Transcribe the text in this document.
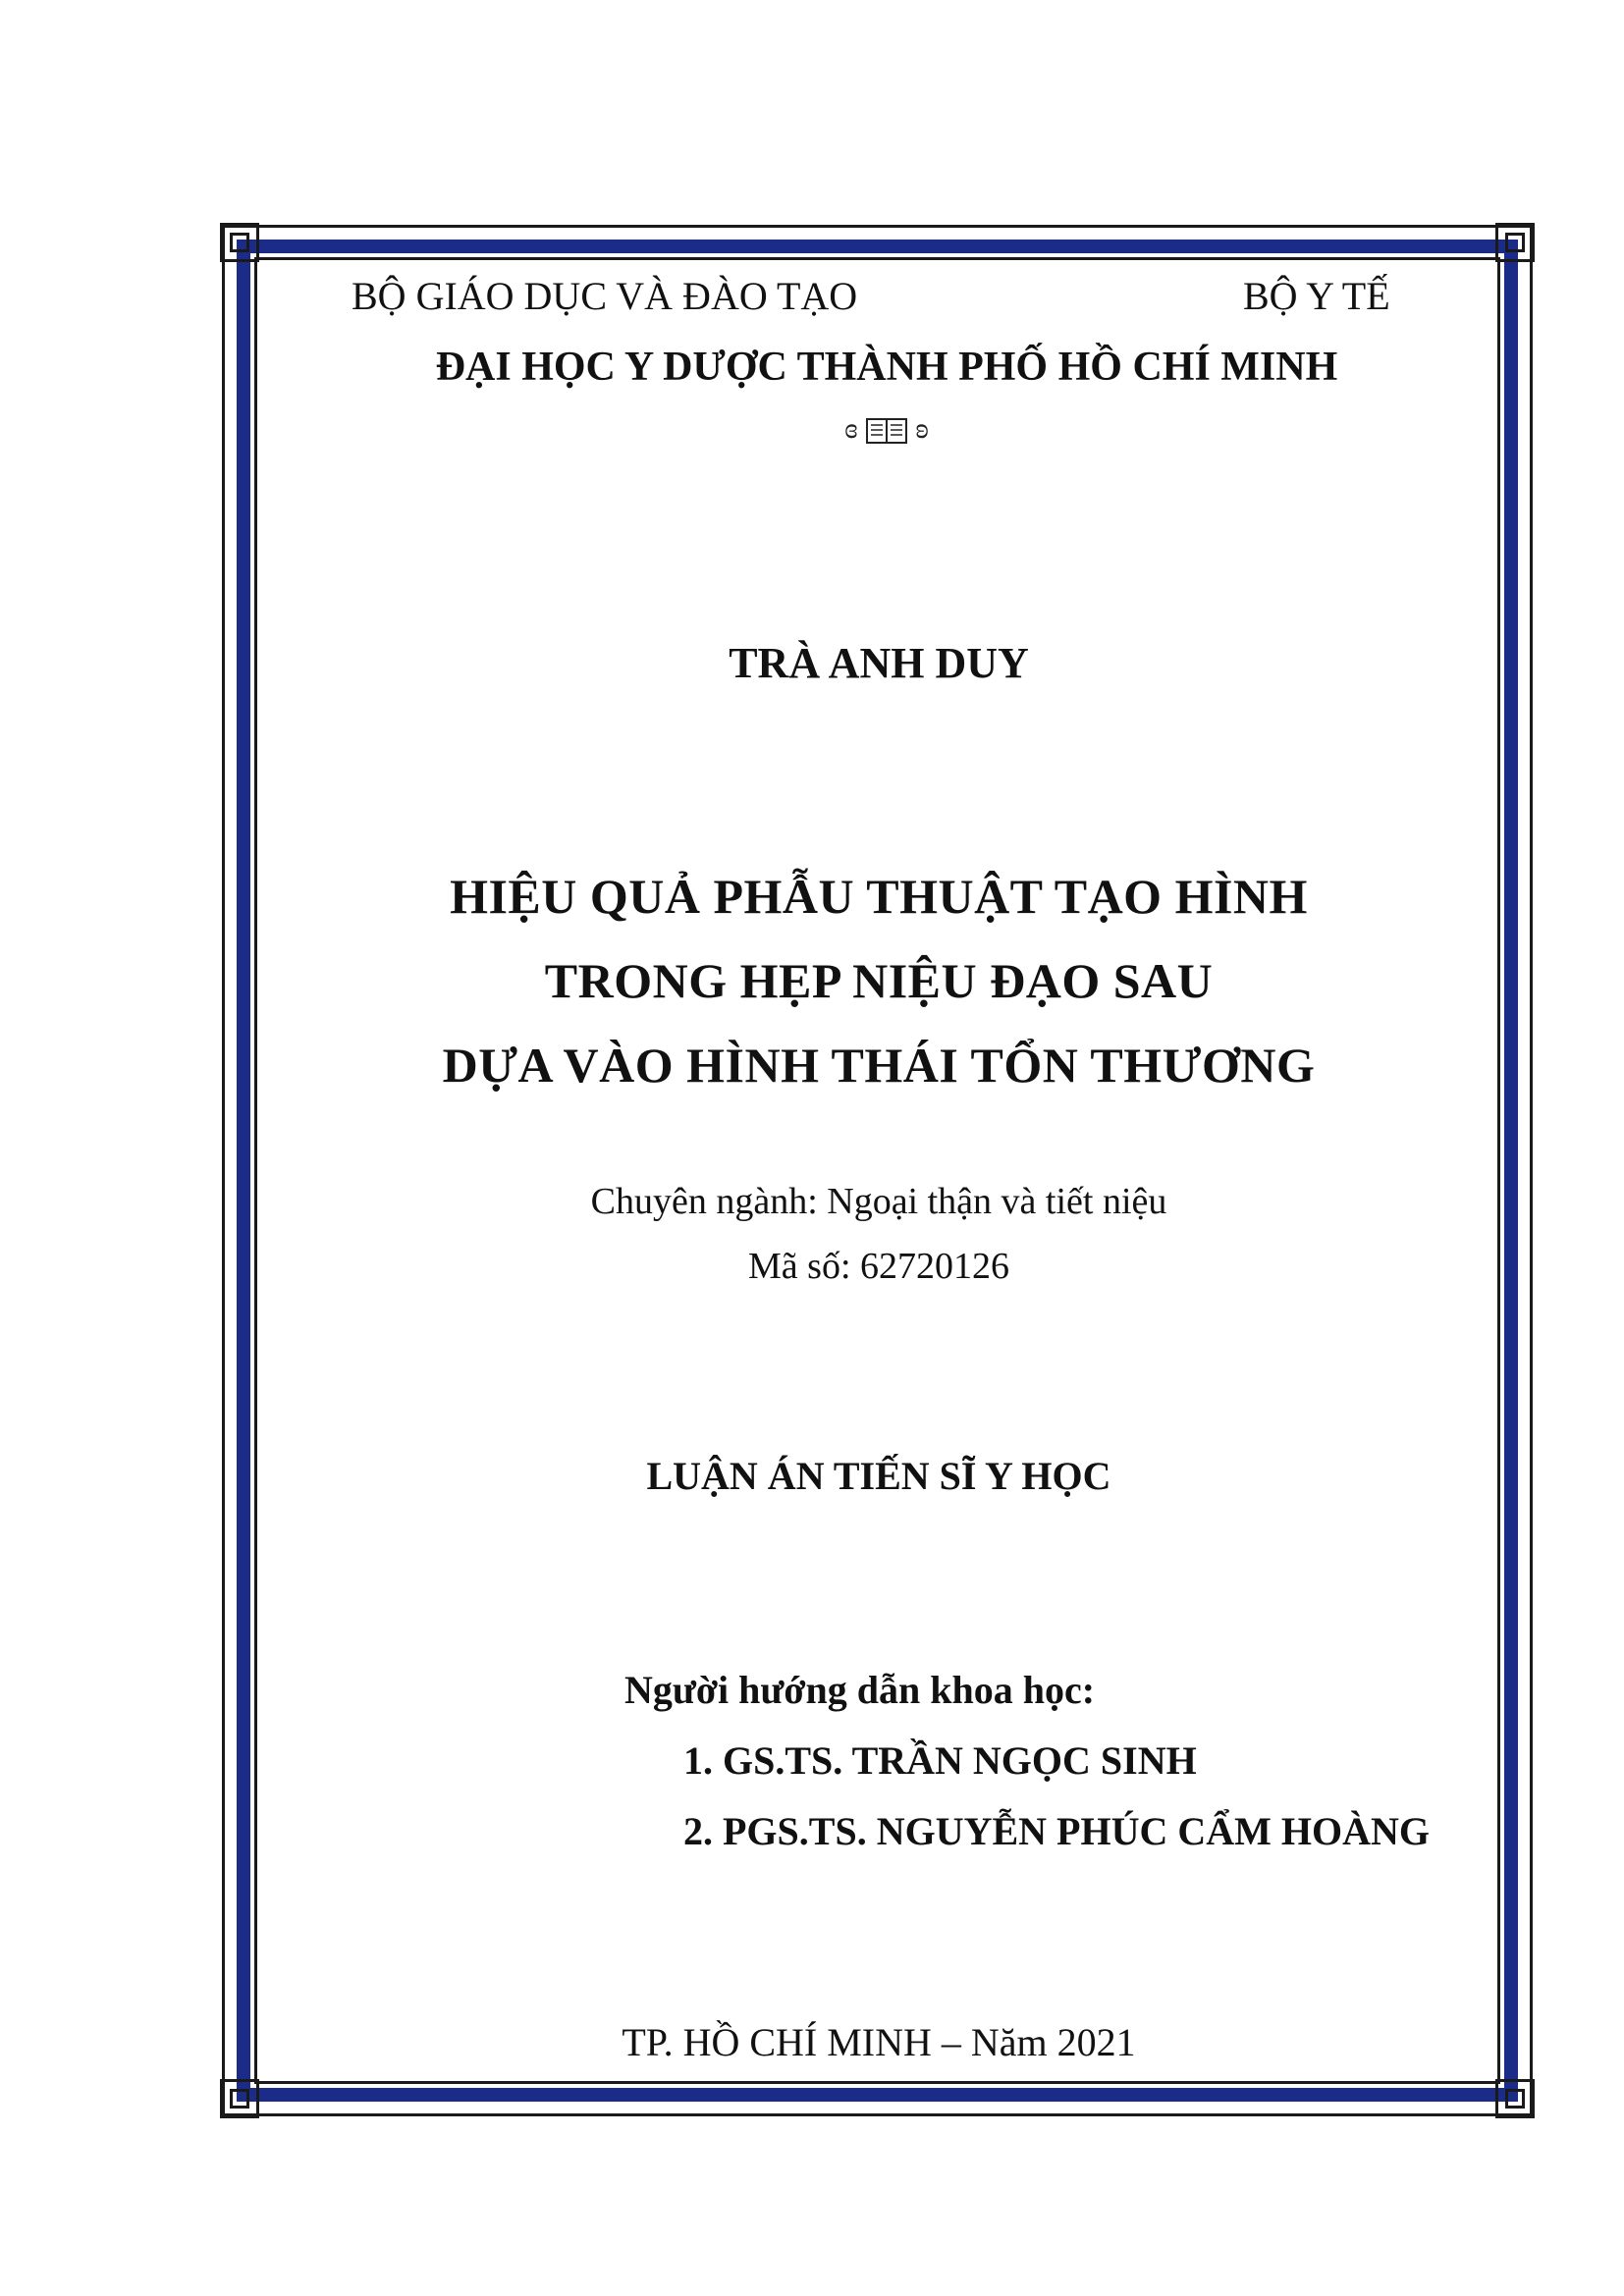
BỘ GIÁO DỤC VÀ ĐÀO TẠO	BỘ Y TẾ

ĐẠI HỌC Y DƯỢC THÀNH PHỐ HỒ CHÍ MINH

ɞ ʚ

TRÀ ANH DUY

HIỆU QUẢ PHẪU THUẬT TẠO HÌNH

TRONG HẸP NIỆU ĐẠO SAU

DỰA VÀO HÌNH THÁI TỔN THƯƠNG

Chuyên ngành: Ngoại thận và tiết niệu

Mã số: 62720126

LUẬN ÁN TIẾN SĨ Y HỌC

Người hướng dẫn khoa học:

1. GS.TS. TRẦN NGỌC SINH

2. PGS.TS. NGUYỄN PHÚC CẨM HOÀNG

TP. HỒ CHÍ MINH – Năm 2021
